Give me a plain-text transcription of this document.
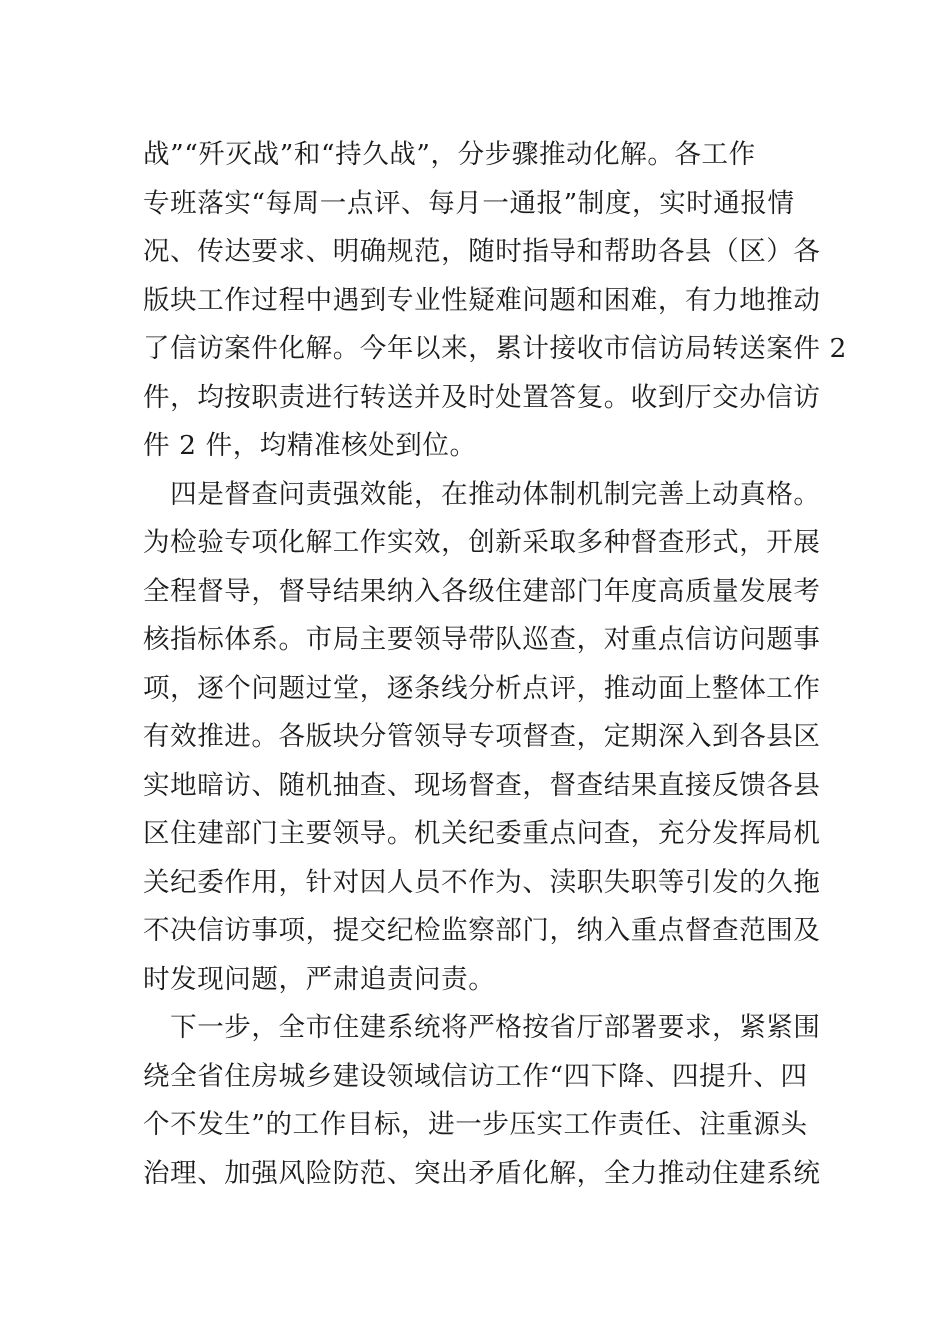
战”“歼灭战”和“持久战”，分步骤推动化解。各工作
专班落实“每周一点评、每月一通报”制度，实时通报情
况、传达要求、明确规范，随时指导和帮助各县（区）各
版块工作过程中遇到专业性疑难问题和困难，有力地推动
了信访案件化解。今年以来，累计接收市信访局转送案件 2
件，均按职责进行转送并及时处置答复。收到厅交办信访
件 2 件，均精准核处到位。
　四是督查问责强效能，在推动体制机制完善上动真格。
为检验专项化解工作实效，创新采取多种督查形式，开展
全程督导，督导结果纳入各级住建部门年度高质量发展考
核指标体系。市局主要领导带队巡查，对重点信访问题事
项，逐个问题过堂，逐条线分析点评，推动面上整体工作
有效推进。各版块分管领导专项督查，定期深入到各县区
实地暗访、随机抽查、现场督查，督查结果直接反馈各县
区住建部门主要领导。机关纪委重点问查，充分发挥局机
关纪委作用，针对因人员不作为、渎职失职等引发的久拖
不决信访事项，提交纪检监察部门，纳入重点督查范围及
时发现问题，严肃追责问责。
　下一步，全市住建系统将严格按省厅部署要求，紧紧围
绕全省住房城乡建设领域信访工作“四下降、四提升、四
个不发生”的工作目标，进一步压实工作责任、注重源头
治理、加强风险防范、突出矛盾化解，全力推动住建系统
